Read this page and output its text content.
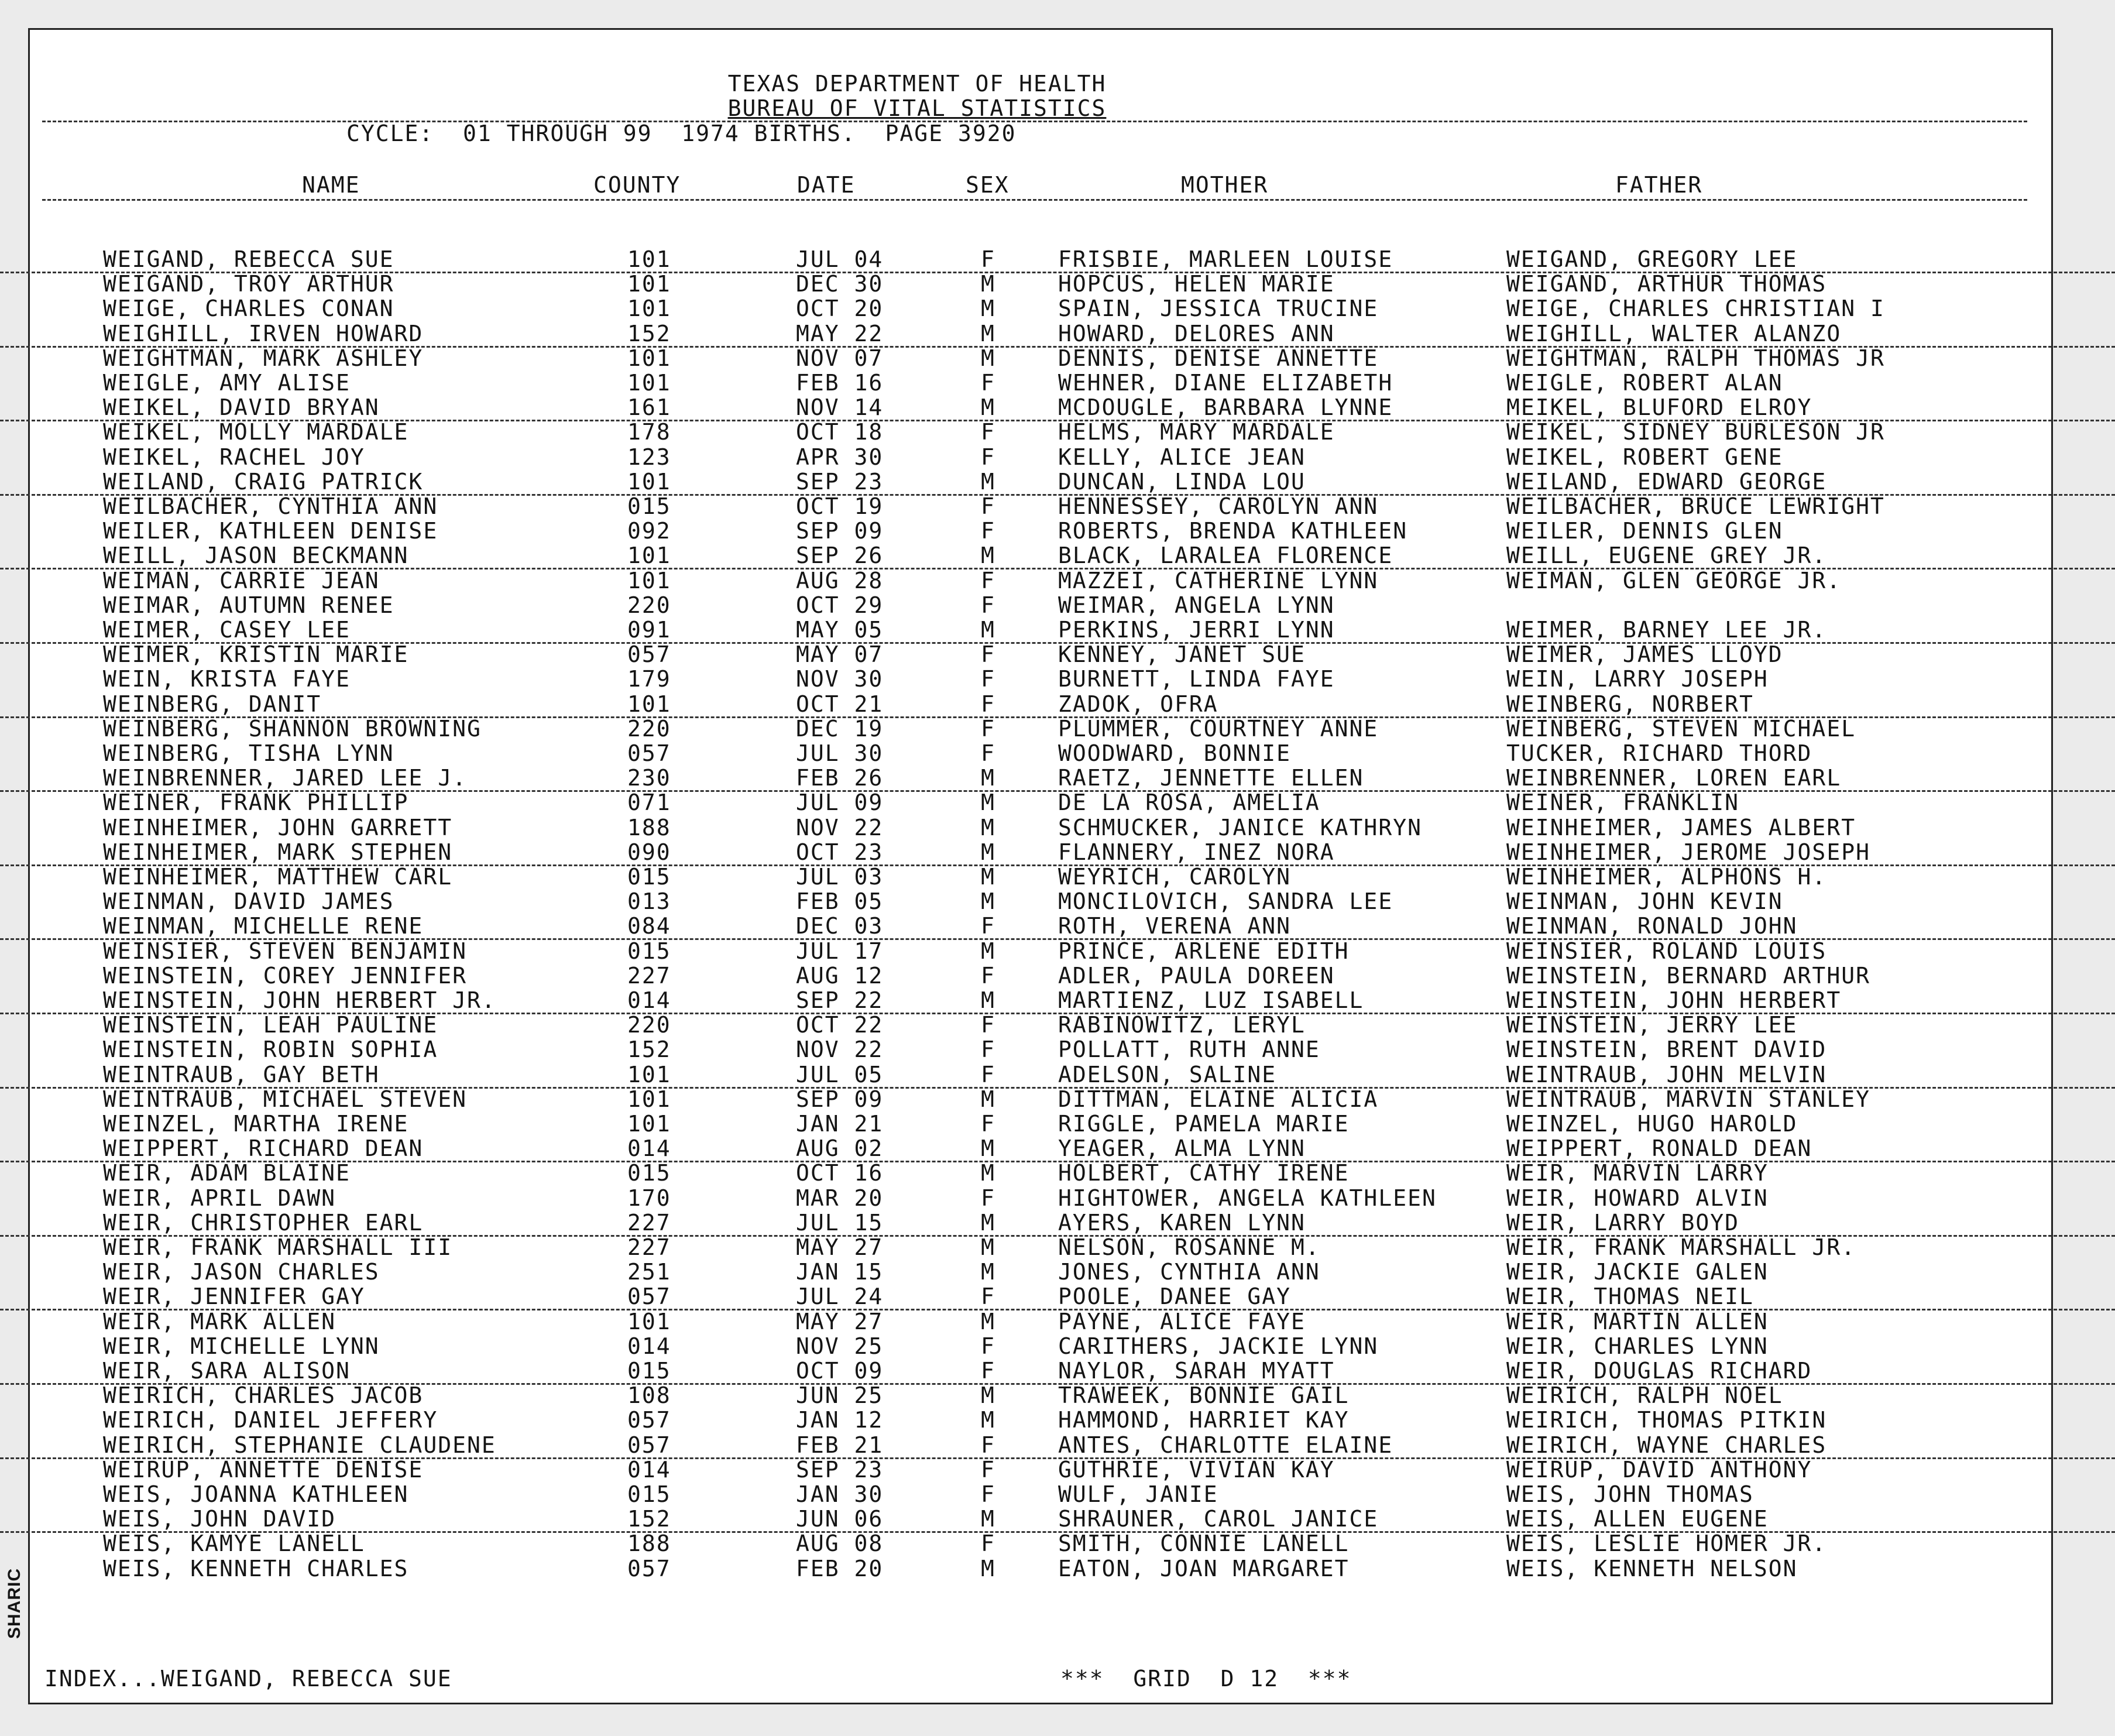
SHARIC
TEXAS DEPARTMENT OF HEALTH
BUREAU OF VITAL STATISTICS
CYCLE: 01 THROUGH 99 1974 BIRTHS. PAGE 3920
NAME	COUNTY	DATE	SEX	MOTHER	FATHER
WEIGAND, REBECCA SUE	101	JUL 04	F	FRISBIE, MARLEEN LOUISE	WEIGAND, GREGORY LEE
WEIGAND, TROY ARTHUR	101	DEC 30	M	HOPCUS, HELEN MARIE	WEIGAND, ARTHUR THOMAS
WEIGE, CHARLES CONAN	101	OCT 20	M	SPAIN, JESSICA TRUCINE	WEIGE, CHARLES CHRISTIAN I
WEIGHILL, IRVEN HOWARD	152	MAY 22	M	HOWARD, DELORES ANN	WEIGHILL, WALTER ALANZO
WEIGHTMAN, MARK ASHLEY	101	NOV 07	M	DENNIS, DENISE ANNETTE	WEIGHTMAN, RALPH THOMAS JR
WEIGLE, AMY ALISE	101	FEB 16	F	WEHNER, DIANE ELIZABETH	WEIGLE, ROBERT ALAN
WEIKEL, DAVID BRYAN	161	NOV 14	M	MCDOUGLE, BARBARA LYNNE	MEIKEL, BLUFORD ELROY
WEIKEL, MOLLY MARDALE	178	OCT 18	F	HELMS, MARY MARDALE	WEIKEL, SIDNEY BURLESON JR
WEIKEL, RACHEL JOY	123	APR 30	F	KELLY, ALICE JEAN	WEIKEL, ROBERT GENE
WEILAND, CRAIG PATRICK	101	SEP 23	M	DUNCAN, LINDA LOU	WEILAND, EDWARD GEORGE
WEILBACHER, CYNTHIA ANN	015	OCT 19	F	HENNESSEY, CAROLYN ANN	WEILBACHER, BRUCE LEWRIGHT
WEILER, KATHLEEN DENISE	092	SEP 09	F	ROBERTS, BRENDA KATHLEEN	WEILER, DENNIS GLEN
WEILL, JASON BECKMANN	101	SEP 26	M	BLACK, LARALEA FLORENCE	WEILL, EUGENE GREY JR.
WEIMAN, CARRIE JEAN	101	AUG 28	F	MAZZEI, CATHERINE LYNN	WEIMAN, GLEN GEORGE JR.
WEIMAR, AUTUMN RENEE	220	OCT 29	F	WEIMAR, ANGELA LYNN
WEIMER, CASEY LEE	091	MAY 05	M	PERKINS, JERRI LYNN	WEIMER, BARNEY LEE JR.
WEIMER, KRISTIN MARIE	057	MAY 07	F	KENNEY, JANET SUE	WEIMER, JAMES LLOYD
WEIN, KRISTA FAYE	179	NOV 30	F	BURNETT, LINDA FAYE	WEIN, LARRY JOSEPH
WEINBERG, DANIT	101	OCT 21	F	ZADOK, OFRA	WEINBERG, NORBERT
WEINBERG, SHANNON BROWNING	220	DEC 19	F	PLUMMER, COURTNEY ANNE	WEINBERG, STEVEN MICHAEL
WEINBERG, TISHA LYNN	057	JUL 30	F	WOODWARD, BONNIE	TUCKER, RICHARD THORD
WEINBRENNER, JARED LEE J.	230	FEB 26	M	RAETZ, JENNETTE ELLEN	WEINBRENNER, LOREN EARL
WEINER, FRANK PHILLIP	071	JUL 09	M	DE LA ROSA, AMELIA	WEINER, FRANKLIN
WEINHEIMER, JOHN GARRETT	188	NOV 22	M	SCHMUCKER, JANICE KATHRYN	WEINHEIMER, JAMES ALBERT
WEINHEIMER, MARK STEPHEN	090	OCT 23	M	FLANNERY, INEZ NORA	WEINHEIMER, JEROME JOSEPH
WEINHEIMER, MATTHEW CARL	015	JUL 03	M	WEYRICH, CAROLYN	WEINHEIMER, ALPHONS H.
WEINMAN, DAVID JAMES	013	FEB 05	M	MONCILOVICH, SANDRA LEE	WEINMAN, JOHN KEVIN
WEINMAN, MICHELLE RENE	084	DEC 03	F	ROTH, VERENA ANN	WEINMAN, RONALD JOHN
WEINSIER, STEVEN BENJAMIN	015	JUL 17	M	PRINCE, ARLENE EDITH	WEINSIER, ROLAND LOUIS
WEINSTEIN, COREY JENNIFER	227	AUG 12	F	ADLER, PAULA DOREEN	WEINSTEIN, BERNARD ARTHUR
WEINSTEIN, JOHN HERBERT JR.	014	SEP 22	M	MARTIENZ, LUZ ISABELL	WEINSTEIN, JOHN HERBERT
WEINSTEIN, LEAH PAULINE	220	OCT 22	F	RABINOWITZ, LERYL	WEINSTEIN, JERRY LEE
WEINSTEIN, ROBIN SOPHIA	152	NOV 22	F	POLLATT, RUTH ANNE	WEINSTEIN, BRENT DAVID
WEINTRAUB, GAY BETH	101	JUL 05	F	ADELSON, SALINE	WEINTRAUB, JOHN MELVIN
WEINTRAUB, MICHAEL STEVEN	101	SEP 09	M	DITTMAN, ELAINE ALICIA	WEINTRAUB, MARVIN STANLEY
WEINZEL, MARTHA IRENE	101	JAN 21	F	RIGGLE, PAMELA MARIE	WEINZEL, HUGO HAROLD
WEIPPERT, RICHARD DEAN	014	AUG 02	M	YEAGER, ALMA LYNN	WEIPPERT, RONALD DEAN
WEIR, ADAM BLAINE	015	OCT 16	M	HOLBERT, CATHY IRENE	WEIR, MARVIN LARRY
WEIR, APRIL DAWN	170	MAR 20	F	HIGHTOWER, ANGELA KATHLEEN	WEIR, HOWARD ALVIN
WEIR, CHRISTOPHER EARL	227	JUL 15	M	AYERS, KAREN LYNN	WEIR, LARRY BOYD
WEIR, FRANK MARSHALL III	227	MAY 27	M	NELSON, ROSANNE M.	WEIR, FRANK MARSHALL JR.
WEIR, JASON CHARLES	251	JAN 15	M	JONES, CYNTHIA ANN	WEIR, JACKIE GALEN
WEIR, JENNIFER GAY	057	JUL 24	F	POOLE, DANEE GAY	WEIR, THOMAS NEIL
WEIR, MARK ALLEN	101	MAY 27	M	PAYNE, ALICE FAYE	WEIR, MARTIN ALLEN
WEIR, MICHELLE LYNN	014	NOV 25	F	CARITHERS, JACKIE LYNN	WEIR, CHARLES LYNN
WEIR, SARA ALISON	015	OCT 09	F	NAYLOR, SARAH MYATT	WEIR, DOUGLAS RICHARD
WEIRICH, CHARLES JACOB	108	JUN 25	M	TRAWEEK, BONNIE GAIL	WEIRICH, RALPH NOEL
WEIRICH, DANIEL JEFFERY	057	JAN 12	M	HAMMOND, HARRIET KAY	WEIRICH, THOMAS PITKIN
WEIRICH, STEPHANIE CLAUDENE	057	FEB 21	F	ANTES, CHARLOTTE ELAINE	WEIRICH, WAYNE CHARLES
WEIRUP, ANNETTE DENISE	014	SEP 23	F	GUTHRIE, VIVIAN KAY	WEIRUP, DAVID ANTHONY
WEIS, JOANNA KATHLEEN	015	JAN 30	F	WULF, JANIE	WEIS, JOHN THOMAS
WEIS, JOHN DAVID	152	JUN 06	M	SHRAUNER, CAROL JANICE	WEIS, ALLEN EUGENE
WEIS, KAMYE LANELL	188	AUG 08	F	SMITH, CONNIE LANELL	WEIS, LESLIE HOMER JR.
WEIS, KENNETH CHARLES	057	FEB 20	M	EATON, JOAN MARGARET	WEIS, KENNETH NELSON
INDEX...WEIGAND, REBECCA SUE	***  GRID  D 12  ***
